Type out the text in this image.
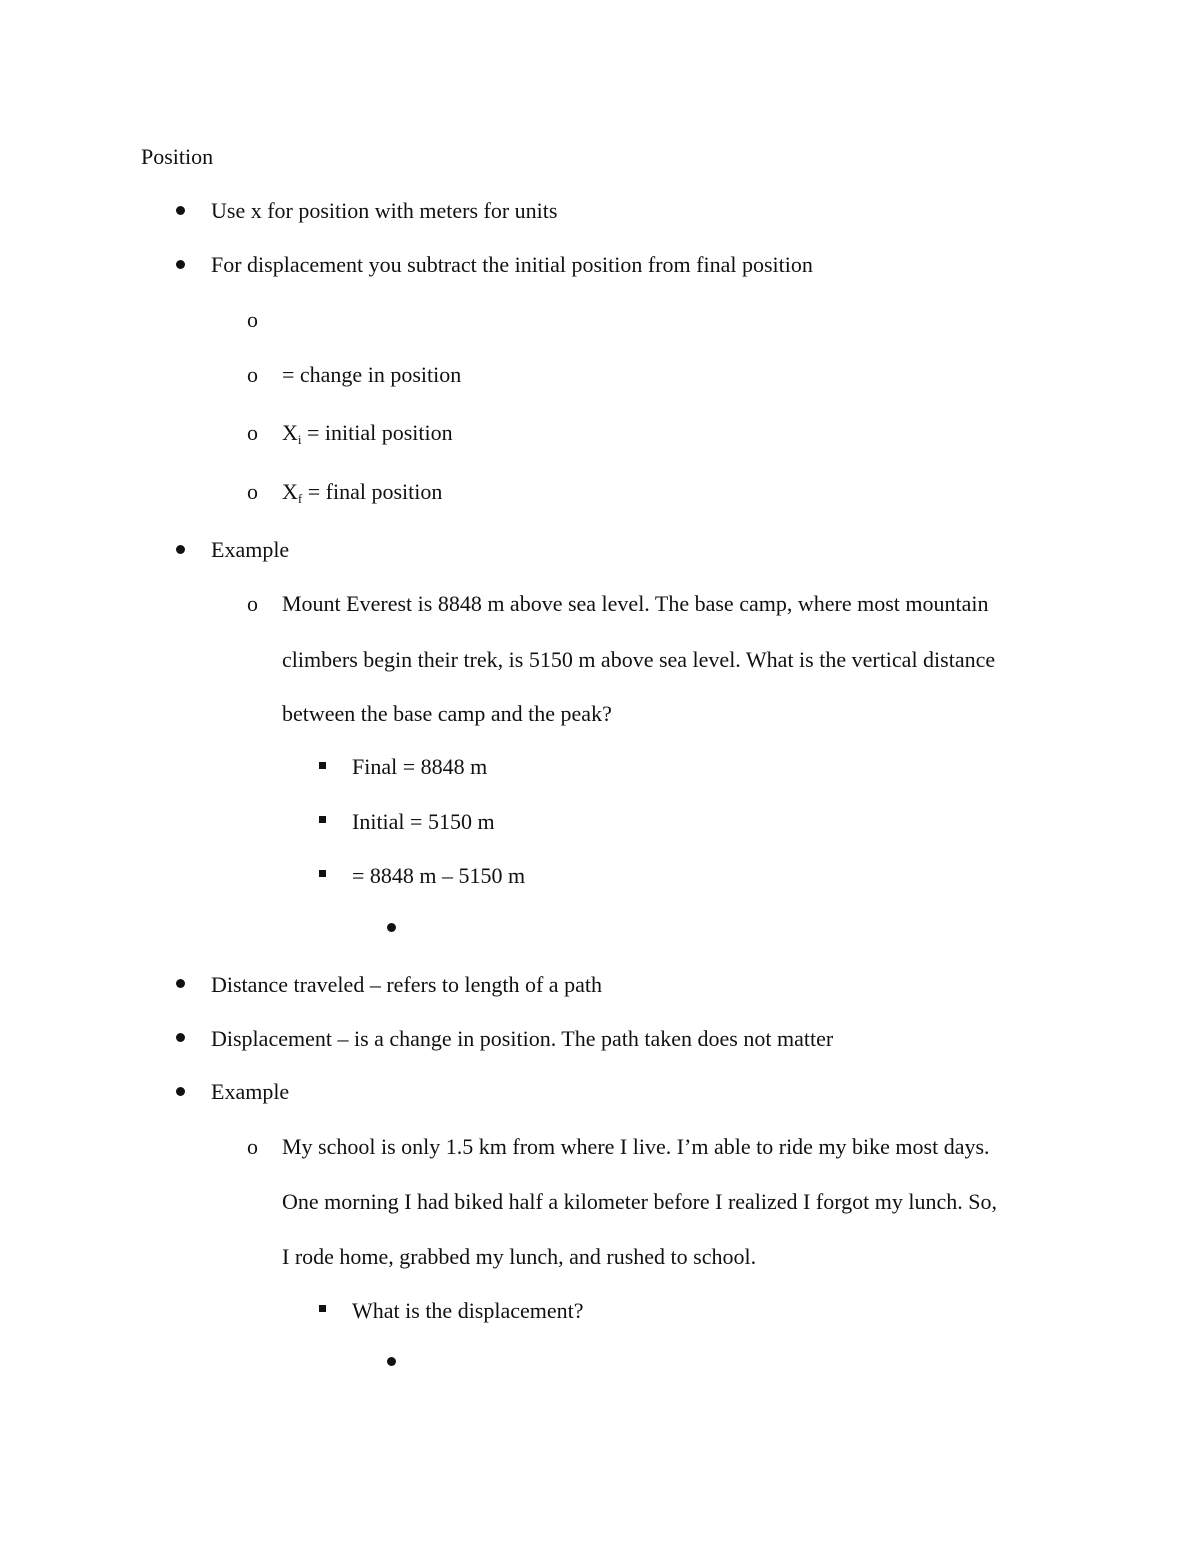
Position
Use x for position with meters for units
For displacement you subtract the initial position from final position
o
o = change in position
o $X_i$ = initial position
o $X_f$ = final position
Example
o Mount Everest is 8848 m above sea level. The base camp, where most mountain
climbers begin their trek, is 5150 m above sea level. What is the vertical distance
between the base camp and the peak?
Final = 8848 m
Initial = 5150 m
= 8848 m – 5150 m
Distance traveled – refers to length of a path
Displacement – is a change in position. The path taken does not matter
Example
o My school is only 1.5 km from where I live. I’m able to ride my bike most days.
One morning I had biked half a kilometer before I realized I forgot my lunch. So,
I rode home, grabbed my lunch, and rushed to school.
What is the displacement?
